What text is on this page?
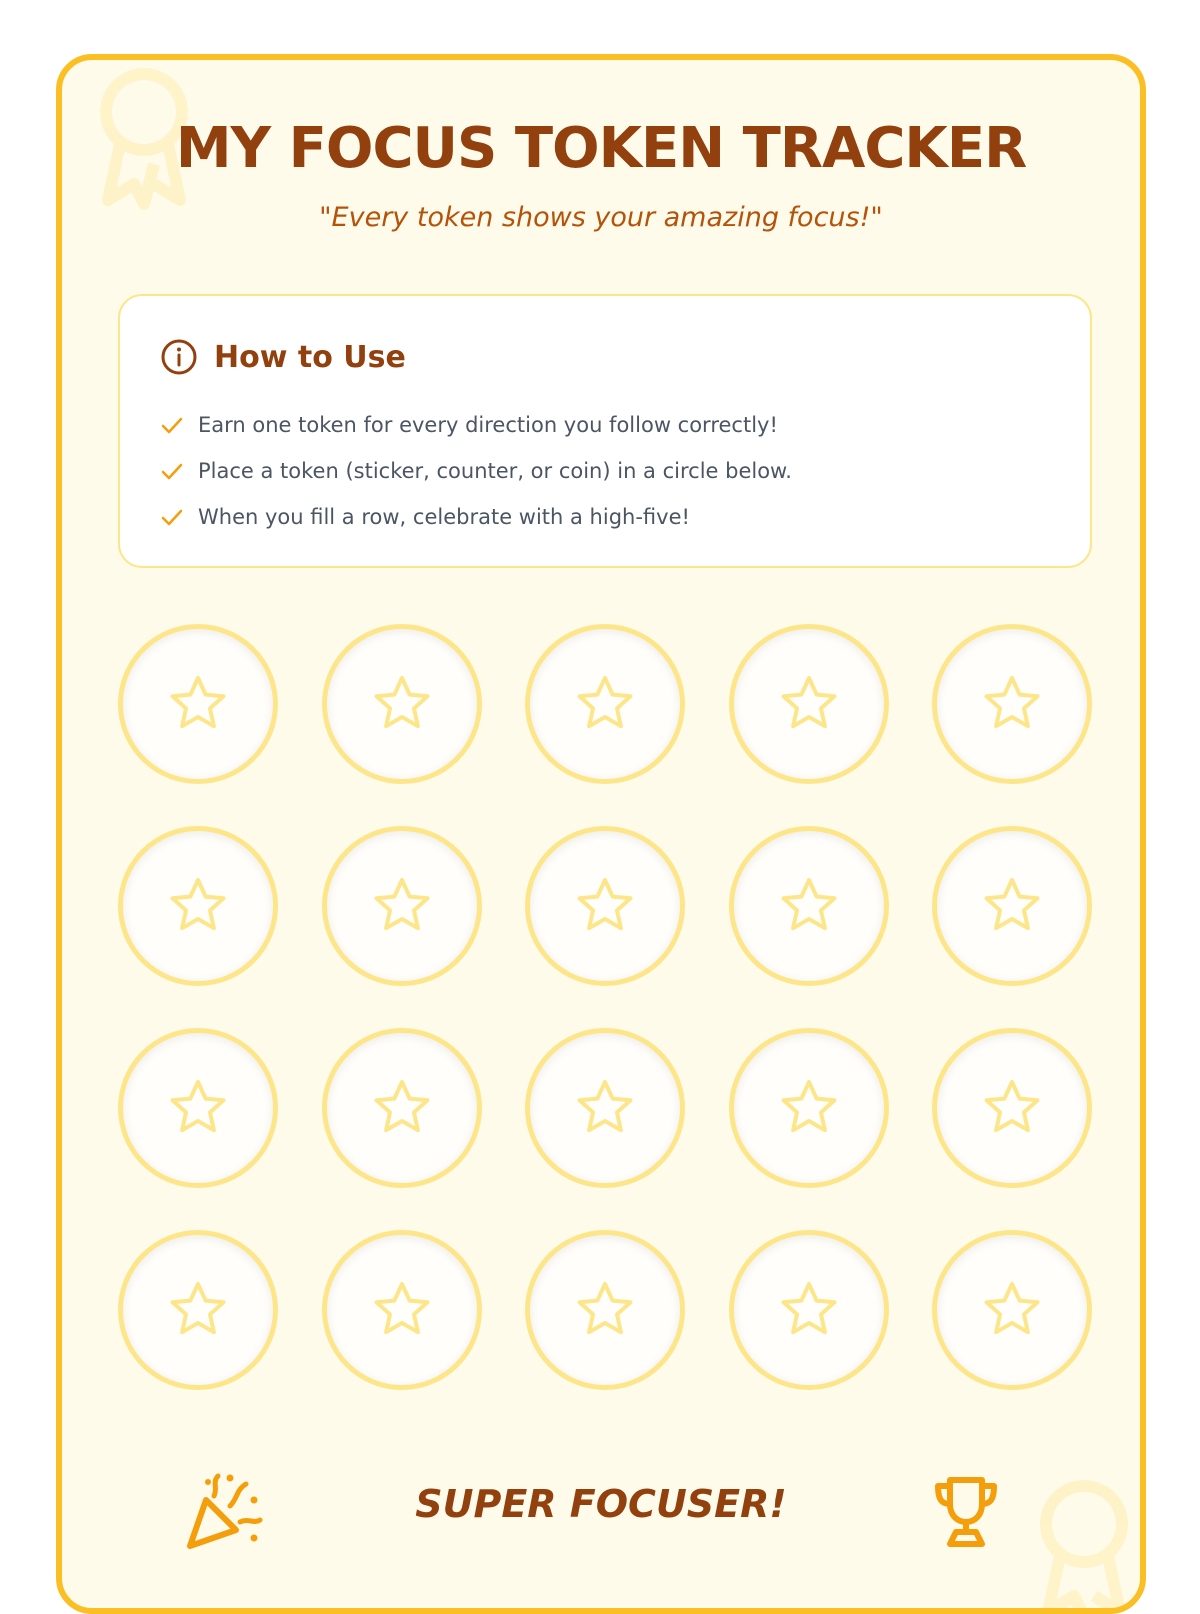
MY FOCUS TOKEN TRACKER
"Every token shows your amazing focus!"
How to Use
Earn one token for every direction you follow correctly!
Place a token (sticker, counter, or coin) in a circle below.
When you fill a row, celebrate with a high-five!
SUPER FOCUSER!
